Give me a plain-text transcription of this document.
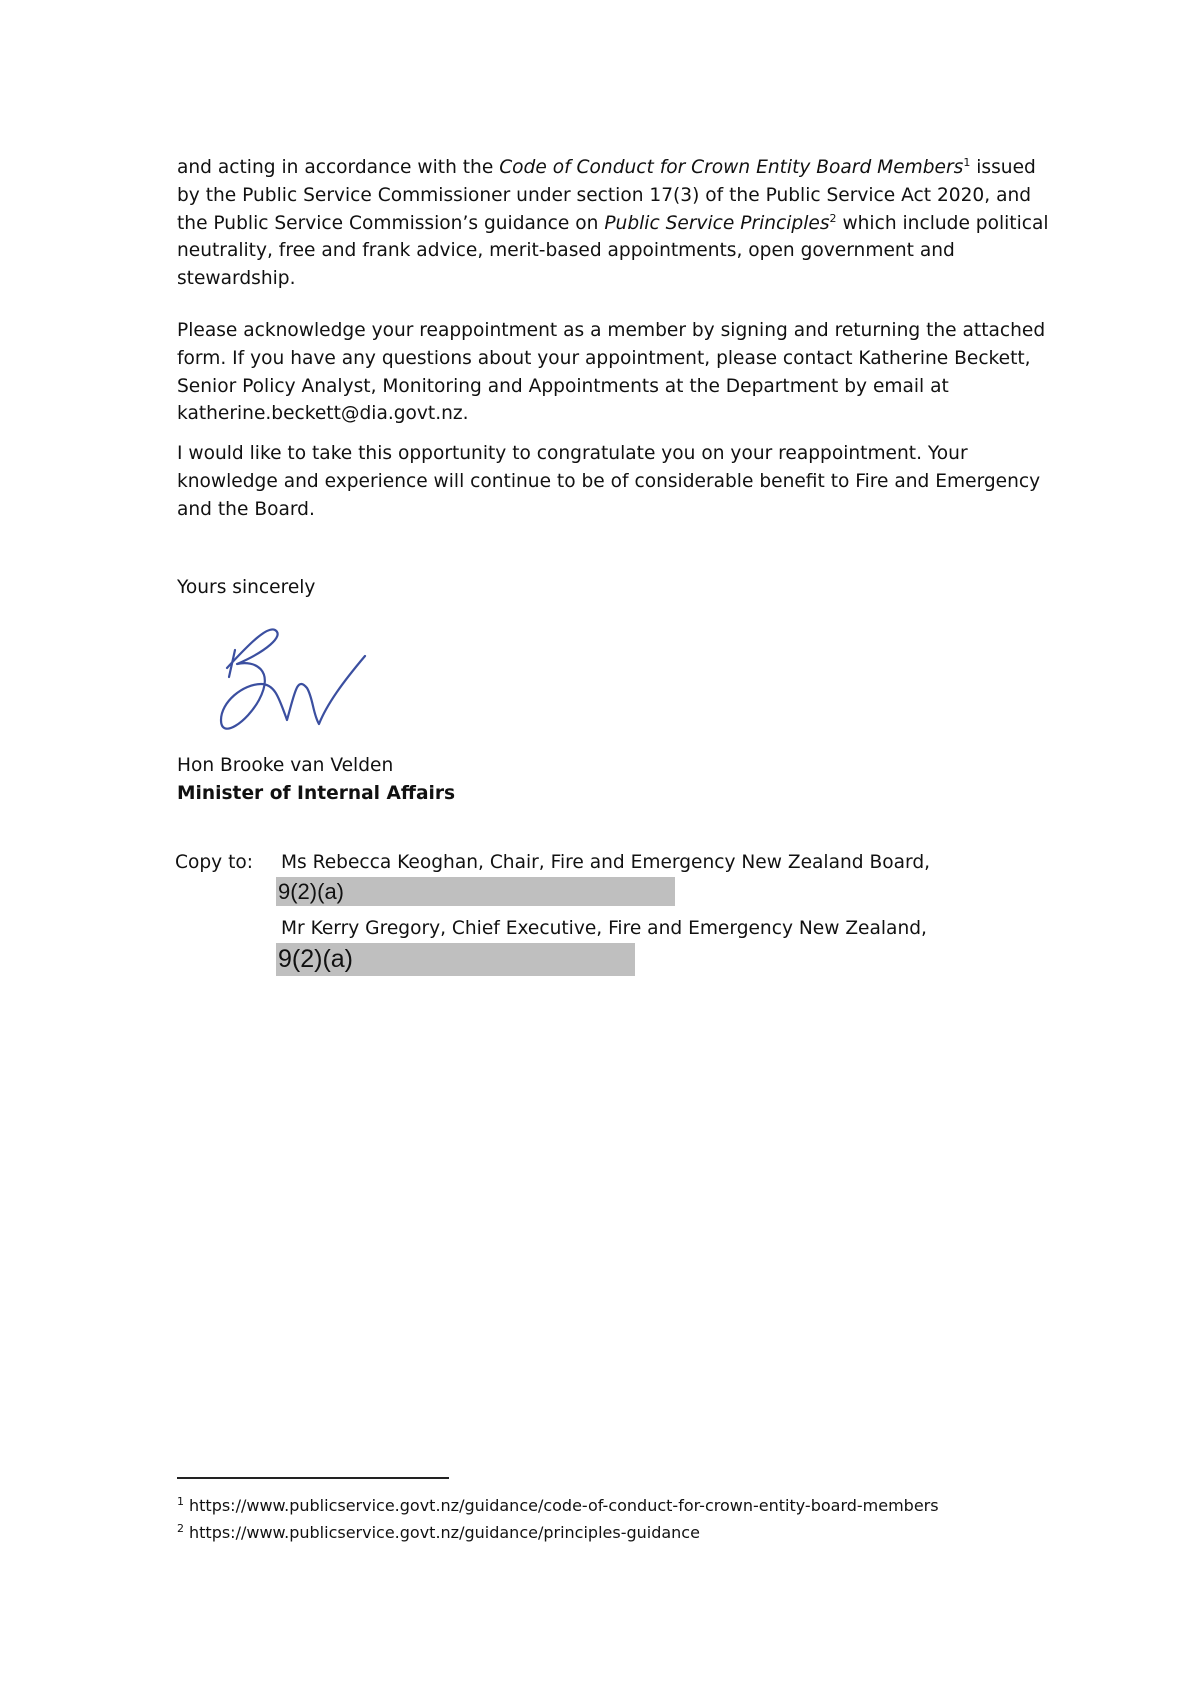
and acting in accordance with the Code of Conduct for Crown Entity Board Members$^1$ issued by the Public Service Commissioner under section 17(3) of the Public Service Act 2020, and the Public Service Commission’s guidance on Public Service Principles$^2$ which include political neutrality, free and frank advice, merit-based appointments, open government and stewardship.

Please acknowledge your reappointment as a member by signing and returning the attached form. If you have any questions about your appointment, please contact Katherine Beckett, Senior Policy Analyst, Monitoring and Appointments at the Department by email at katherine.beckett@dia.govt.nz.

I would like to take this opportunity to congratulate you on your reappointment. Your knowledge and experience will continue to be of considerable benefit to Fire and Emergency and the Board.

Yours sincerely

Hon Brooke van Velden

Minister of Internal Affairs

Copy to: Ms Rebecca Keoghan, Chair, Fire and Emergency New Zealand Board,
9(2)(a)
Mr Kerry Gregory, Chief Executive, Fire and Emergency New Zealand,
9(2)(a)
$^1$ https://www.publicservice.govt.nz/guidance/code-of-conduct-for-crown-entity-board-members
$^2$ https://www.publicservice.govt.nz/guidance/principles-guidance
